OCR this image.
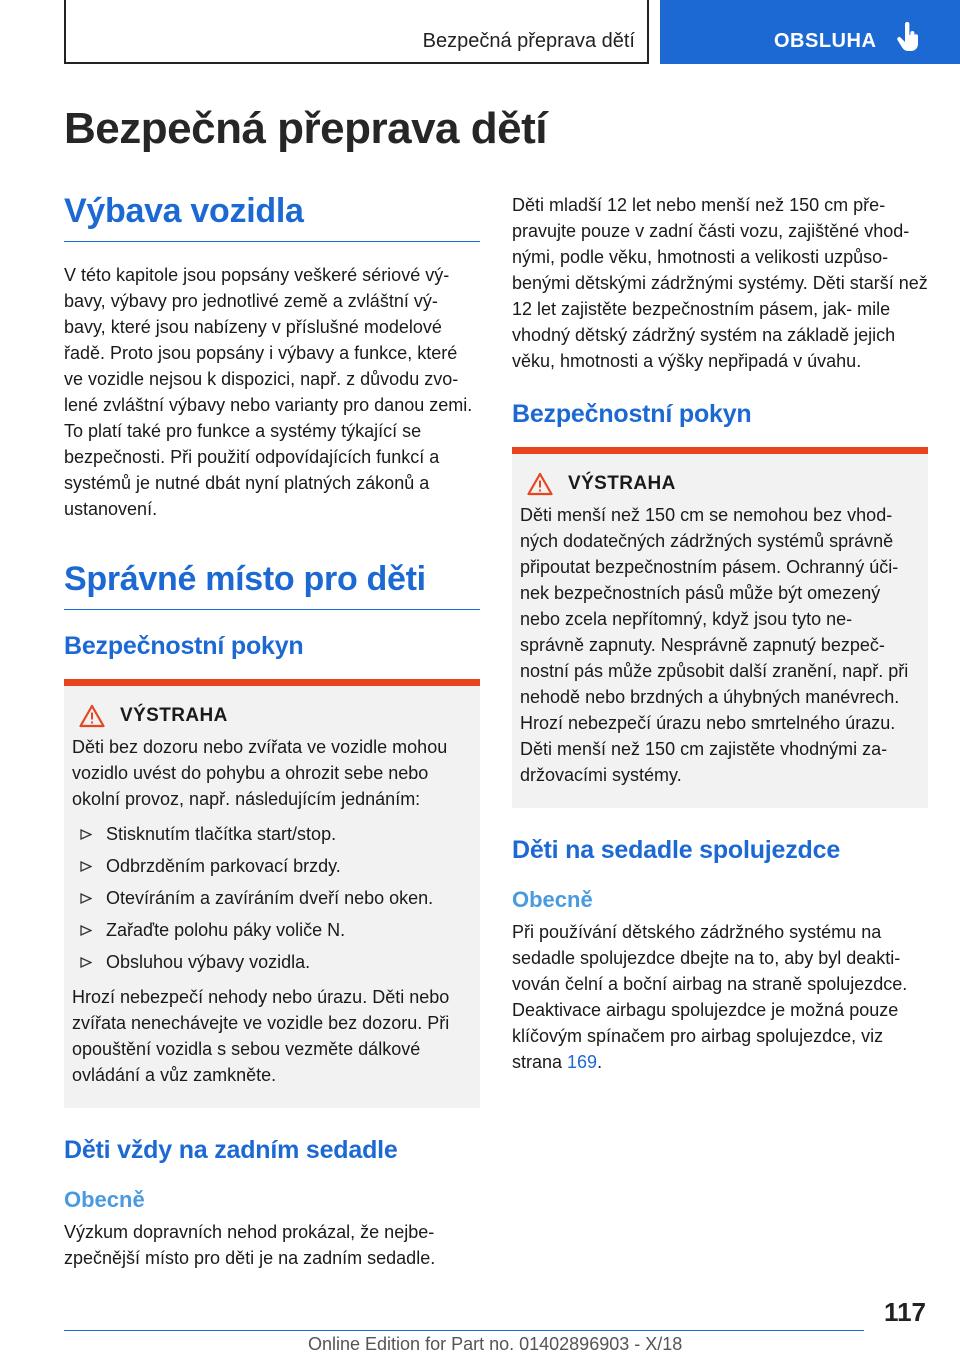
Bezpečná přeprava dětí	OBSLUHA
Bezpečná přeprava dětí
Výbava vozidla

V této kapitole jsou popsány veškeré sériové vý- bavy, výbavy pro jednotlivé země a zvláštní vý- bavy, které jsou nabízeny v příslušné modelové řadě. Proto jsou popsány i výbavy a funkce, které ve vozidle nejsou k dispozici, např. z důvodu zvo- lené zvláštní výbavy nebo varianty pro danou zemi. To platí také pro funkce a systémy týkající se bezpečnosti. Při použití odpovídajících funkcí a systémů je nutné dbát nyní platných zákonů a ustanovení.

Správné místo pro děti
Bezpečnostní pokyn
VÝSTRAHA

Děti bez dozoru nebo zvířata ve vozidle mohou vozidlo uvést do pohybu a ohrozit sebe nebo okolní provoz, např. následujícím jednáním:

Stisknutím tlačítka start/stop.
Odbrzděním parkovací brzdy.
Otevíráním a zavíráním dveří nebo oken.
Zařaďte polohu páky voliče N.
Obsluhou výbavy vozidla.

Hrozí nebezpečí nehody nebo úrazu. Děti nebo zvířata nenechávejte ve vozidle bez dozoru. Při opouštění vozidla s sebou vezměte dálkové ovládání a vůz zamkněte.

Děti vždy na zadním sedadle
Obecně

Výzkum dopravních nehod prokázal, že nejbe- zpečnější místo pro děti je na zadním sedadle.

Děti mladší 12 let nebo menší než 150 cm pře- pravujte pouze v zadní části vozu, zajištěné vhod- nými, podle věku, hmotnosti a velikosti uzpůso- benými dětskými zádržnými systémy. Děti starší než 12 let zajistěte bezpečnostním pásem, jak- mile vhodný dětský zádržný systém na základě jejich věku, hmotnosti a výšky nepřipadá v úvahu.

Bezpečnostní pokyn
VÝSTRAHA

Děti menší než 150 cm se nemohou bez vhod- ných dodatečných zádržných systémů správně připoutat bezpečnostním pásem. Ochranný úči- nek bezpečnostních pásů může být omezený nebo zcela nepřítomný, když jsou tyto ne- správně zapnuty. Nesprávně zapnutý bezpeč- nostní pás může způsobit další zranění, např. při nehodě nebo brzdných a úhybných manévrech. Hrozí nebezpečí úrazu nebo smrtelného úrazu. Děti menší než 150 cm zajistěte vhodnými za- držovacími systémy.

Děti na sedadle spolujezdce
Obecně

Při používání dětského zádržného systému na sedadle spolujezdce dbejte na to, aby byl deakti- vován čelní a boční airbag na straně spolujezdce. Deaktivace airbagu spolujezdce je možná pouze klíčovým spínačem pro airbag spolujezdce, viz strana 169.

117
Online Edition for Part no. 01402896903 - X/18
